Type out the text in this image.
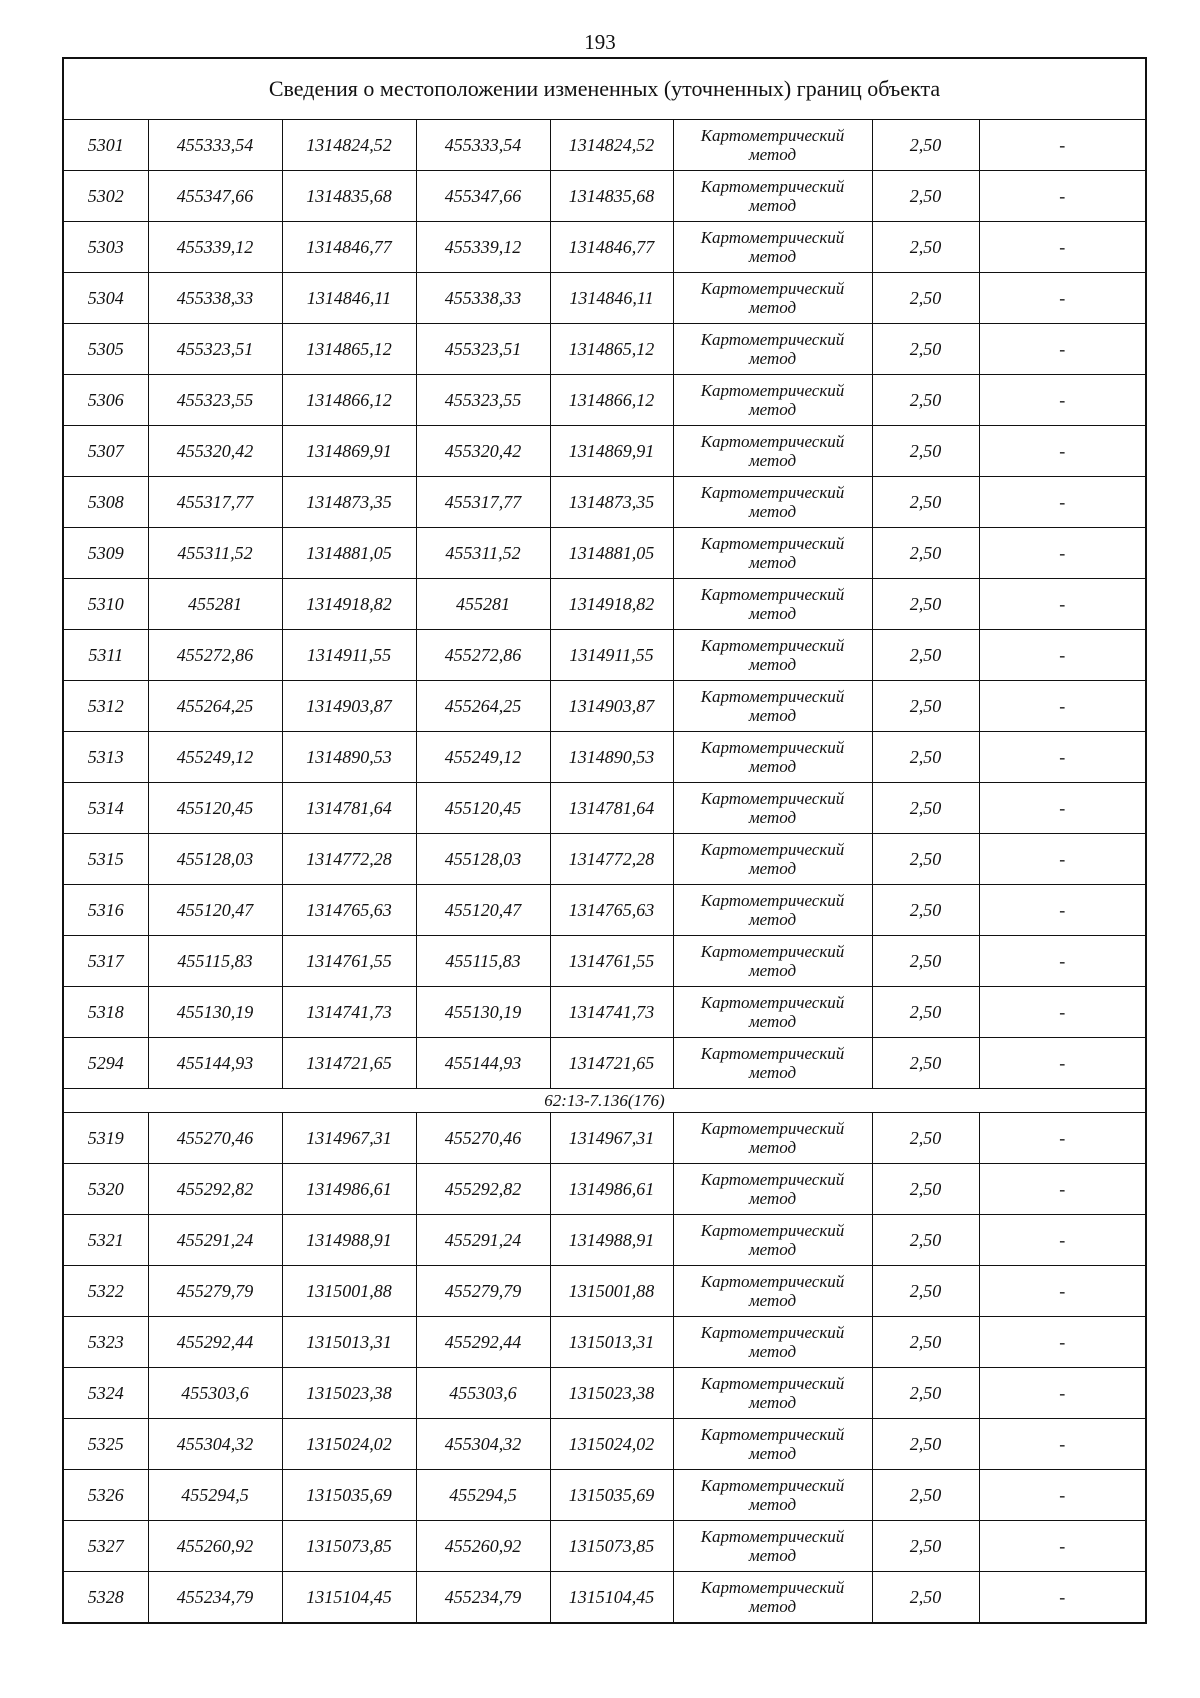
193
Сведения о местоположении измененных (уточненных) границ объекта							
5301	455333,54	1314824,52	455333,54	1314824,52	Картометрический
метод	2,50	-
5302	455347,66	1314835,68	455347,66	1314835,68	Картометрический
метод	2,50	-
5303	455339,12	1314846,77	455339,12	1314846,77	Картометрический
метод	2,50	-
5304	455338,33	1314846,11	455338,33	1314846,11	Картометрический
метод	2,50	-
5305	455323,51	1314865,12	455323,51	1314865,12	Картометрический
метод	2,50	-
5306	455323,55	1314866,12	455323,55	1314866,12	Картометрический
метод	2,50	-
5307	455320,42	1314869,91	455320,42	1314869,91	Картометрический
метод	2,50	-
5308	455317,77	1314873,35	455317,77	1314873,35	Картометрический
метод	2,50	-
5309	455311,52	1314881,05	455311,52	1314881,05	Картометрический
метод	2,50	-
5310	455281	1314918,82	455281	1314918,82	Картометрический
метод	2,50	-
5311	455272,86	1314911,55	455272,86	1314911,55	Картометрический
метод	2,50	-
5312	455264,25	1314903,87	455264,25	1314903,87	Картометрический
метод	2,50	-
5313	455249,12	1314890,53	455249,12	1314890,53	Картометрический
метод	2,50	-
5314	455120,45	1314781,64	455120,45	1314781,64	Картометрический
метод	2,50	-
5315	455128,03	1314772,28	455128,03	1314772,28	Картометрический
метод	2,50	-
5316	455120,47	1314765,63	455120,47	1314765,63	Картометрический
метод	2,50	-
5317	455115,83	1314761,55	455115,83	1314761,55	Картометрический
метод	2,50	-
5318	455130,19	1314741,73	455130,19	1314741,73	Картометрический
метод	2,50	-
5294	455144,93	1314721,65	455144,93	1314721,65	Картометрический
метод	2,50	-
62:13-7.136(176)							
5319	455270,46	1314967,31	455270,46	1314967,31	Картометрический
метод	2,50	-
5320	455292,82	1314986,61	455292,82	1314986,61	Картометрический
метод	2,50	-
5321	455291,24	1314988,91	455291,24	1314988,91	Картометрический
метод	2,50	-
5322	455279,79	1315001,88	455279,79	1315001,88	Картометрический
метод	2,50	-
5323	455292,44	1315013,31	455292,44	1315013,31	Картометрический
метод	2,50	-
5324	455303,6	1315023,38	455303,6	1315023,38	Картометрический
метод	2,50	-
5325	455304,32	1315024,02	455304,32	1315024,02	Картометрический
метод	2,50	-
5326	455294,5	1315035,69	455294,5	1315035,69	Картометрический
метод	2,50	-
5327	455260,92	1315073,85	455260,92	1315073,85	Картометрический
метод	2,50	-
5328	455234,79	1315104,45	455234,79	1315104,45	Картометрический
метод	2,50	-
